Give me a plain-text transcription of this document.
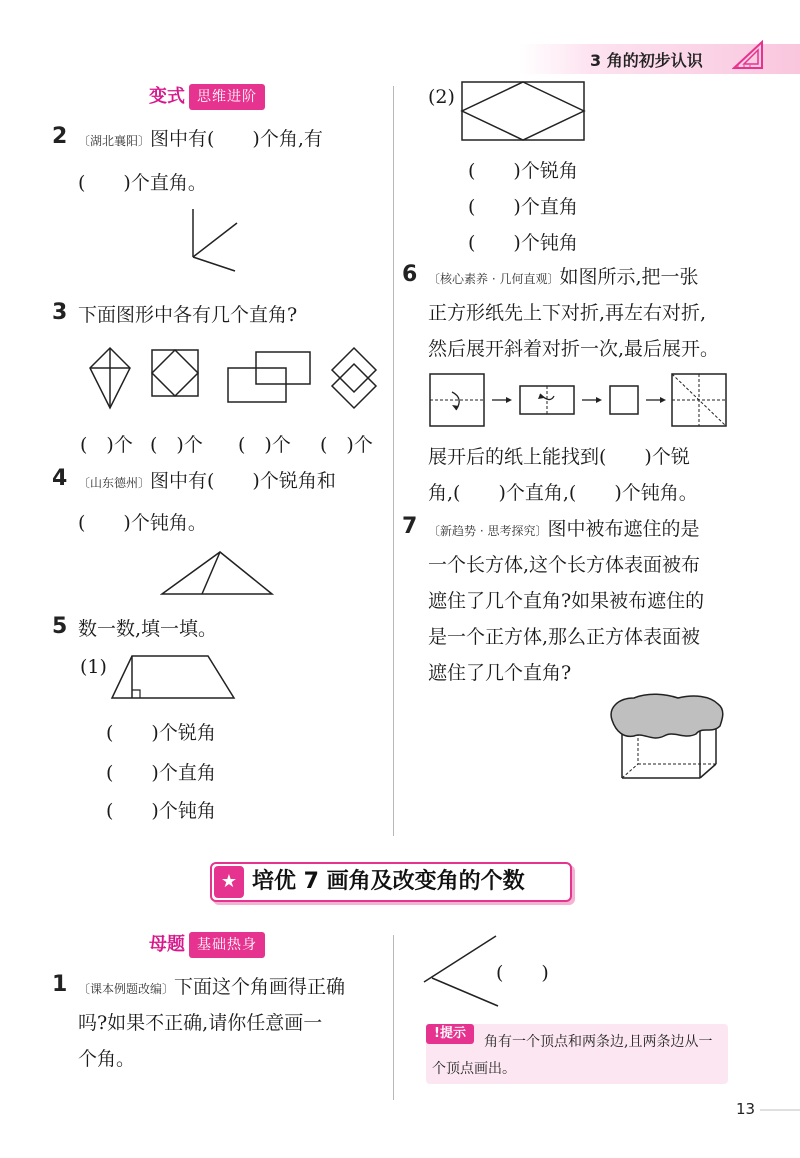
3 角的初步认识
变式 思维进阶
2 〔湖北襄阳〕图中有(　　)个角,有
(　　)个直角。
3 下面图形中各有几个直角?
(　)个 (　)个 (　)个 (　)个
4 〔山东德州〕图中有(　　)个锐角和
(　　)个钝角。
5 数一数,填一填。
(1)
(　　)个锐角
(　　)个直角
(　　)个钝角
(2)
(　　)个锐角
(　　)个直角
(　　)个钝角
6 〔核心素养 · 几何直观〕如图所示,把一张
正方形纸先上下对折,再左右对折,
然后展开斜着对折一次,最后展开。
展开后的纸上能找到(　　)个锐
角,(　　)个直角,(　　)个钝角。
7 〔新趋势 · 思考探究〕图中被布遮住的是
一个长方体,这个长方体表面被布
遮住了几个直角?如果被布遮住的
是一个正方体,那么正方体表面被
遮住了几个直角?
★ 培优 7 画角及改变角的个数
母题 基础热身
1 〔课本例题改编〕下面这个角画得正确
吗?如果不正确,请你任意画一
个角。
(　　)
!提示
角有一个顶点和两条边,且两条边从一
个顶点画出。
13
